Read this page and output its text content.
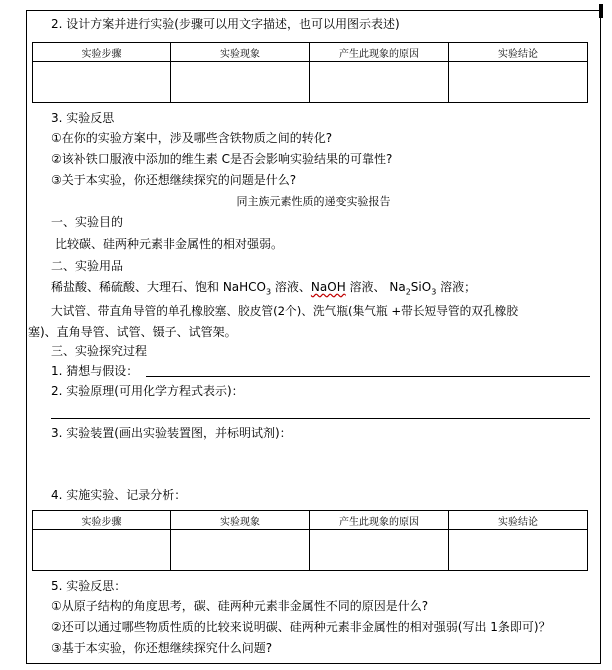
2. 设计方案并进行实验(步骤可以用文字描述，也可以用图示表述)
实验步骤	实验现象	产生此现象的原因	实验结论

3. 实验反思
①在你的实验方案中，涉及哪些含铁物质之间的转化?
②该补铁口服液中添加的维生素 C是否会影响实验结果的可靠性?
③关于本实验，你还想继续探究的问题是什么?
同主族元素性质的递变实验报告
一、实验目的
比较碳、硅两种元素非金属性的相对强弱。
二、实验用品
稀盐酸、稀硫酸、大理石、饱和 NaHCO$_3$ 溶液、NaOH 溶液、 $Na_2SiO_3$ 溶液；
大试管、带直角导管的单孔橡胶塞、胶皮管(2个)、洗气瓶(集气瓶 +带长短导管的双孔橡胶
塞)、直角导管、试管、镊子、试管架。
三、实验探究过程
1. 猜想与假设：
2. 实验原理(可用化学方程式表示)：
3. 实验装置(画出实验装置图，并标明试剂)：
4. 实施实验、记录分析：
实验步骤	实验现象	产生此现象的原因	实验结论

5. 实验反思：
①从原子结构的角度思考，碳、硅两种元素非金属性不同的原因是什么?
②还可以通过哪些物质性质的比较来说明碳、硅两种元素非金属性的相对强弱(写出 1条即可)？
③基于本实验，你还想继续探究什么问题?
